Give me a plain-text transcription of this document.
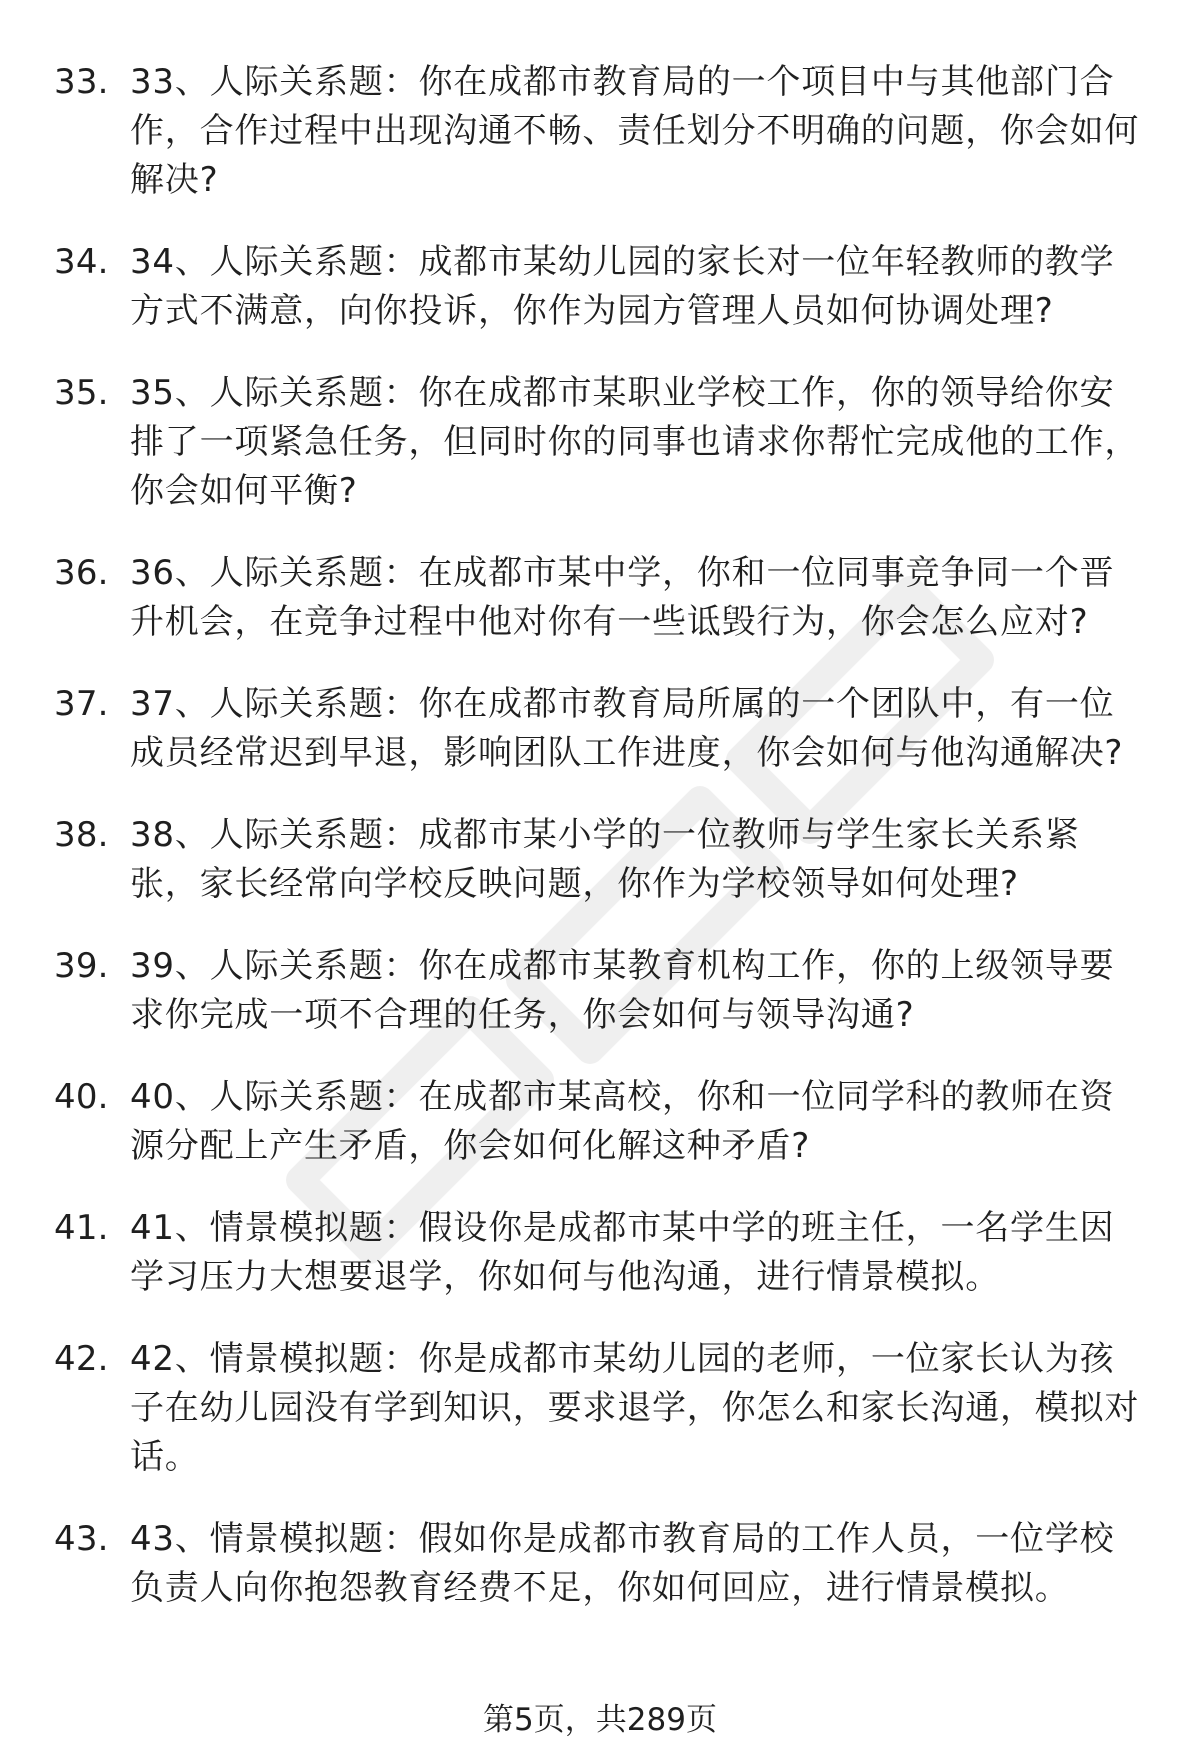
33. 33、人际关系题：你在成都市教育局的一个项目中与其他部门合作，合作过程中出现沟通不畅、责任划分不明确的问题，你会如何解决?
34. 34、人际关系题：成都市某幼儿园的家长对一位年轻教师的教学方式不满意，向你投诉，你作为园方管理人员如何协调处理?
35. 35、人际关系题：你在成都市某职业学校工作，你的领导给你安排了一项紧急任务，但同时你的同事也请求你帮忙完成他的工作，你会如何平衡?
36. 36、人际关系题：在成都市某中学，你和一位同事竞争同一个晋升机会，在竞争过程中他对你有一些诋毁行为，你会怎么应对?
37. 37、人际关系题：你在成都市教育局所属的一个团队中，有一位成员经常迟到早退，影响团队工作进度，你会如何与他沟通解决?
38. 38、人际关系题：成都市某小学的一位教师与学生家长关系紧张，家长经常向学校反映问题，你作为学校领导如何处理?
39. 39、人际关系题：你在成都市某教育机构工作，你的上级领导要求你完成一项不合理的任务，你会如何与领导沟通?
40. 40、人际关系题：在成都市某高校，你和一位同学科的教师在资源分配上产生矛盾，你会如何化解这种矛盾?
41. 41、情景模拟题：假设你是成都市某中学的班主任，一名学生因学习压力大想要退学，你如何与他沟通，进行情景模拟。
42. 42、情景模拟题：你是成都市某幼儿园的老师，一位家长认为孩子在幼儿园没有学到知识，要求退学，你怎么和家长沟通，模拟对话。
43. 43、情景模拟题：假如你是成都市教育局的工作人员，一位学校负责人向你抱怨教育经费不足，你如何回应，进行情景模拟。
第5页，共289页
